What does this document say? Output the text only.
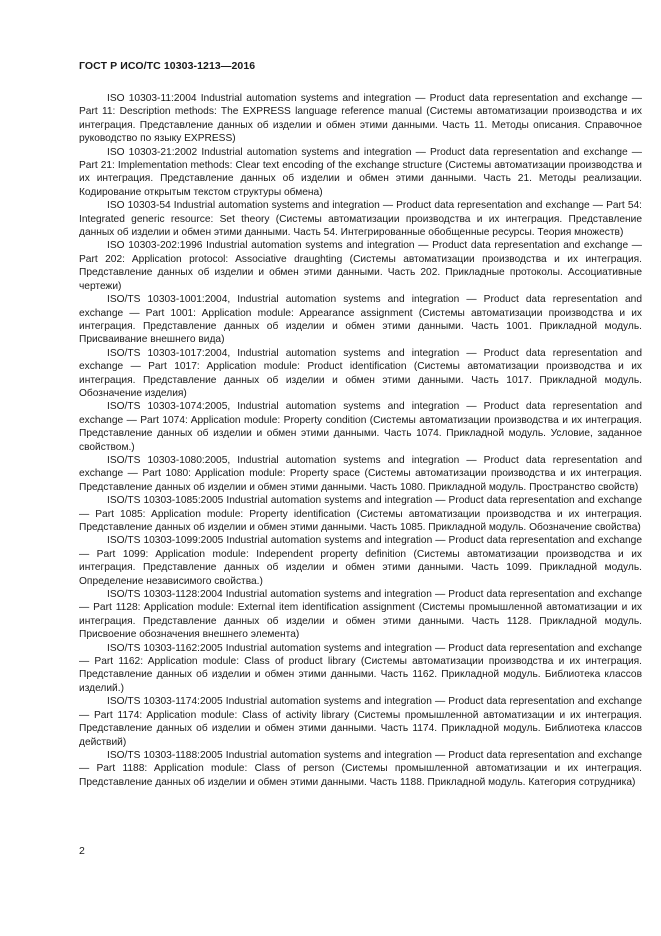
ГОСТ Р ИСО/ТС 10303-1213—2016

ISO 10303-11:2004 Industrial automation systems and integration — Product data representation and exchange — Part 11: Description methods: The EXPRESS language reference manual (Системы автоматизации производства и их интеграция. Представление данных об изделии и обмен этими данными. Часть 11. Методы описания. Справочное руководство по языку EXPRESS)

ISO 10303-21:2002 Industrial automation systems and integration — Product data representation and exchange — Part 21: Implementation methods: Clear text encoding of the exchange structure (Системы автоматизации производства и их интеграция. Представление данных об изделии и обмен этими данными. Часть 21. Методы реализации. Кодирование открытым текстом структуры обмена)

ISO 10303-54 Industrial automation systems and integration — Product data representation and exchange — Part 54: Integrated generic resource: Set theory (Системы автоматизации производства и их интеграция. Представление данных об изделии и обмен этими данными. Часть 54. Интегрированные обобщенные ресурсы. Теория множеств)

ISO 10303-202:1996 Industrial automation systems and integration — Product data representation and exchange — Part 202: Application protocol: Associative draughting (Системы автоматизации производства и их интеграция. Представление данных об изделии и обмен этими данными. Часть 202. Прикладные протоколы. Ассоциативные чертежи)

ISO/TS 10303-1001:2004, Industrial automation systems and integration — Product data representation and exchange — Part 1001: Application module: Appearance assignment (Системы автоматизации производства и их интеграция. Представление данных об изделии и обмен этими данными. Часть 1001. Прикладной модуль. Присваивание внешнего вида)

ISO/TS 10303-1017:2004, Industrial automation systems and integration — Product data representation and exchange — Part 1017: Application module: Product identification (Системы автоматизации производства и их интеграция. Представление данных об изделии и обмен этими данными. Часть 1017. Прикладной модуль. Обозначение изделия)

ISO/TS 10303-1074:2005, Industrial automation systems and integration — Product data representation and exchange — Part 1074: Application module: Property condition (Системы автоматизации производства и их интеграция. Представление данных об изделии и обмен этими данными. Часть 1074. Прикладной модуль. Условие, заданное свойством.)

ISO/TS 10303-1080:2005, Industrial automation systems and integration — Product data representation and exchange — Part 1080: Application module: Property space (Системы автоматизации производства и их интеграция. Представление данных об изделии и обмен этими данными. Часть 1080. Прикладной модуль. Пространство свойств)

ISO/TS 10303-1085:2005 Industrial automation systems and integration — Product data representation and exchange — Part 1085: Application module: Property identification (Системы автоматизации производства и их интеграция. Представление данных об изделии и обмен этими данными. Часть 1085. Прикладной модуль. Обозначение свойства)

ISO/TS 10303-1099:2005 Industrial automation systems and integration — Product data representation and exchange — Part 1099: Application module: Independent property definition (Системы автоматизации производства и их интеграция. Представление данных об изделии и обмен этими данными. Часть 1099. Прикладной модуль. Определение независимого свойства.)

ISO/TS 10303-1128:2004 Industrial automation systems and integration — Product data representation and exchange — Part 1128: Application module: External item identification assignment (Системы промышленной автоматизации и их интеграция. Представление данных об изделии и обмен этими данными. Часть 1128. Прикладной модуль. Присвоение обозначения внешнего элемента)

ISO/TS 10303-1162:2005 Industrial automation systems and integration — Product data representation and exchange — Part 1162: Application module: Class of product library (Системы автоматизации производства и их интеграция. Представление данных об изделии и обмен этими данными. Часть 1162. Прикладной модуль. Библиотека классов изделий.)

ISO/TS 10303-1174:2005 Industrial automation systems and integration — Product data representation and exchange — Part 1174: Application module: Class of activity library (Системы промышленной автоматизации и их интеграция. Представление данных об изделии и обмен этими данными. Часть 1174. Прикладной модуль. Библиотека классов действий)

ISO/TS 10303-1188:2005 Industrial automation systems and integration — Product data representation and exchange — Part 1188: Application module: Class of person (Системы промышленной автоматизации и их интеграция. Представление данных об изделии и обмен этими данными. Часть 1188. Прикладной модуль. Категория сотрудника)

2
